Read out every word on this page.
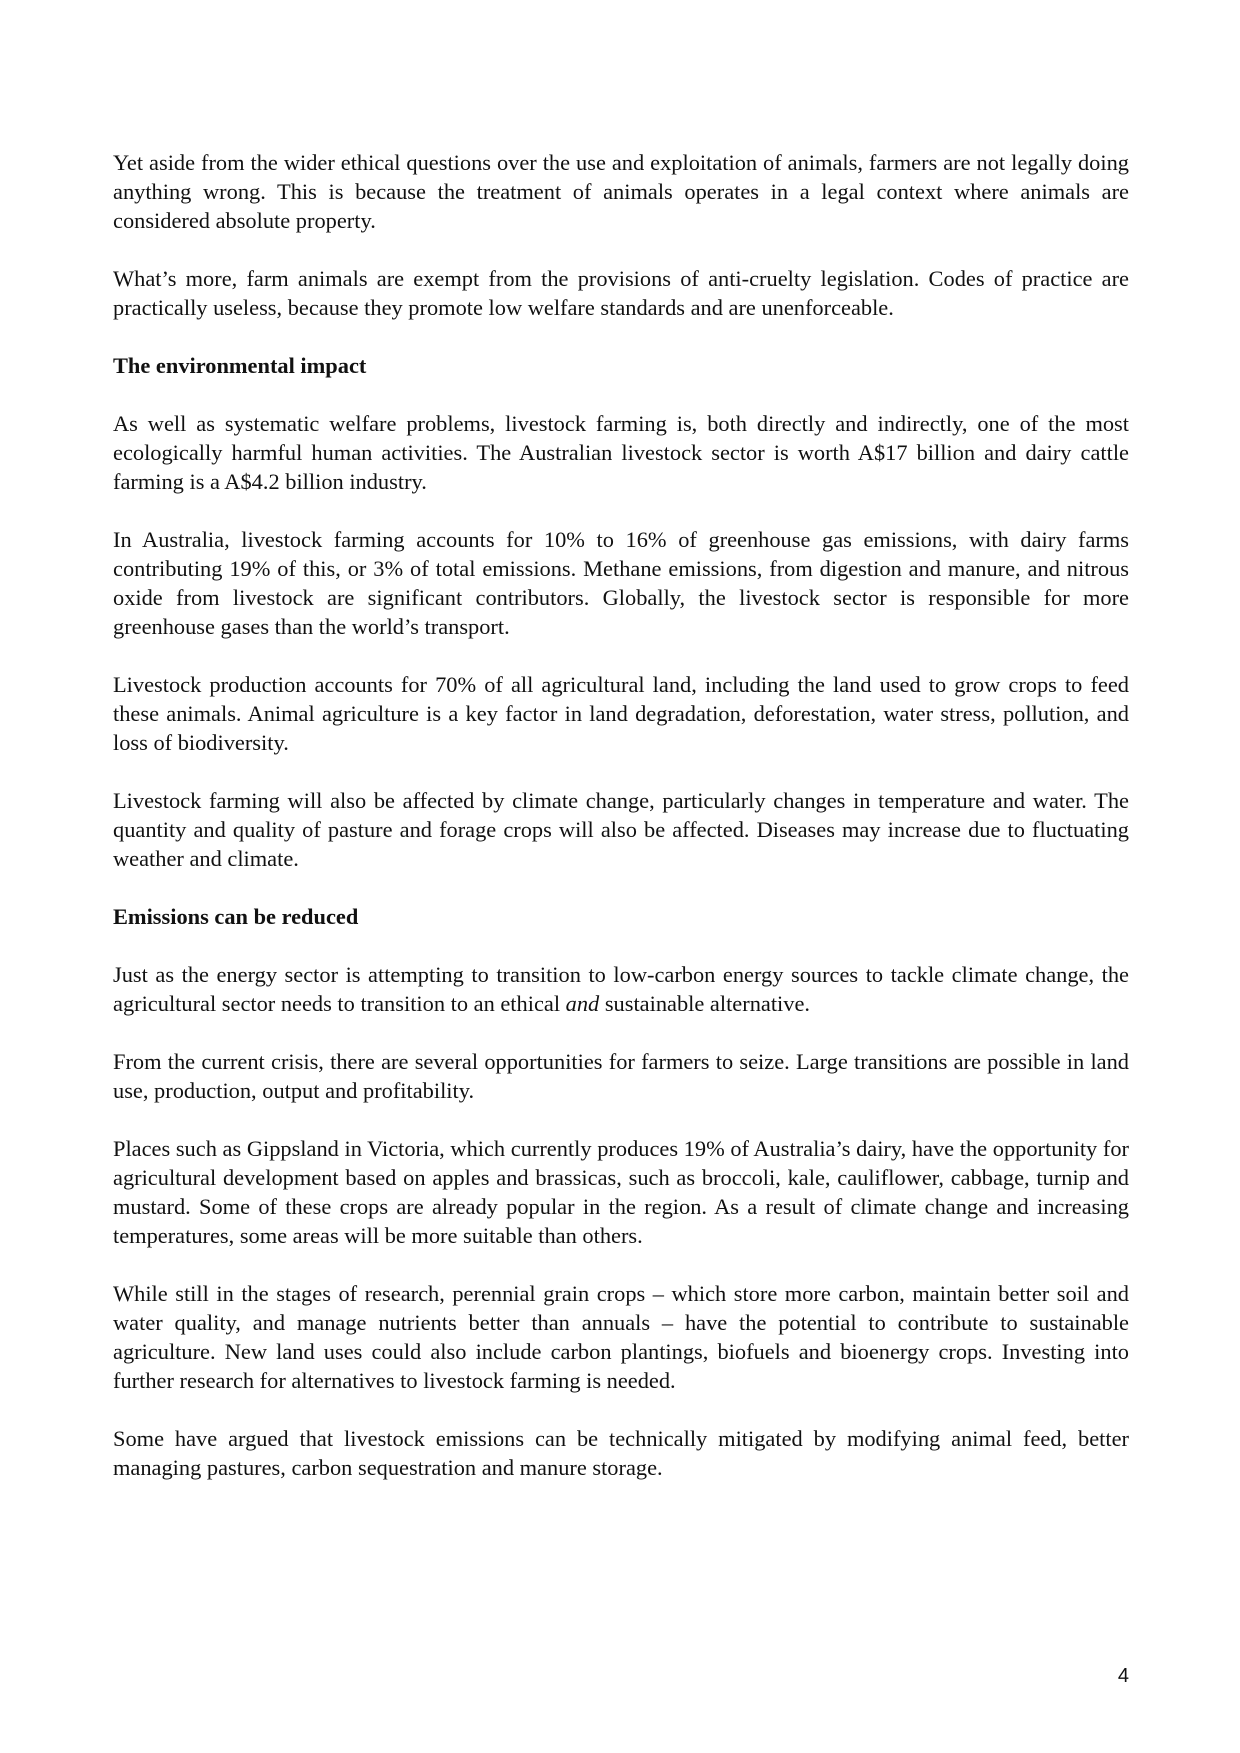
Yet aside from the wider ethical questions over the use and exploitation of animals, farmers are not legally doing anything wrong. This is because the treatment of animals operates in a legal context where animals are considered absolute property.

What’s more, farm animals are exempt from the provisions of anti-cruelty legislation. Codes of practice are practically useless, because they promote low welfare standards and are unenforceable.

The environmental impact

As well as systematic welfare problems, livestock farming is, both directly and indirectly, one of the most ecologically harmful human activities. The Australian livestock sector is worth A$17 billion and dairy cattle farming is a A$4.2 billion industry.

In Australia, livestock farming accounts for 10% to 16% of greenhouse gas emissions, with dairy farms contributing 19% of this, or 3% of total emissions. Methane emissions, from digestion and manure, and nitrous oxide from livestock are significant contributors. Globally, the livestock sector is responsible for more greenhouse gases than the world’s transport.

Livestock production accounts for 70% of all agricultural land, including the land used to grow crops to feed these animals. Animal agriculture is a key factor in land degradation, deforestation, water stress, pollution, and loss of biodiversity.

Livestock farming will also be affected by climate change, particularly changes in temperature and water. The quantity and quality of pasture and forage crops will also be affected. Diseases may increase due to fluctuating weather and climate.

Emissions can be reduced

Just as the energy sector is attempting to transition to low-carbon energy sources to tackle climate change, the agricultural sector needs to transition to an ethical and sustainable alternative.

From the current crisis, there are several opportunities for farmers to seize. Large transitions are possible in land use, production, output and profitability.

Places such as Gippsland in Victoria, which currently produces 19% of Australia’s dairy, have the opportunity for agricultural development based on apples and brassicas, such as broccoli, kale, cauliflower, cabbage, turnip and mustard. Some of these crops are already popular in the region. As a result of climate change and increasing temperatures, some areas will be more suitable than others.

While still in the stages of research, perennial grain crops – which store more carbon, maintain better soil and water quality, and manage nutrients better than annuals – have the potential to contribute to sustainable agriculture. New land uses could also include carbon plantings, biofuels and bioenergy crops. Investing into further research for alternatives to livestock farming is needed.

Some have argued that livestock emissions can be technically mitigated by modifying animal feed, better managing pastures, carbon sequestration and manure storage.

4
